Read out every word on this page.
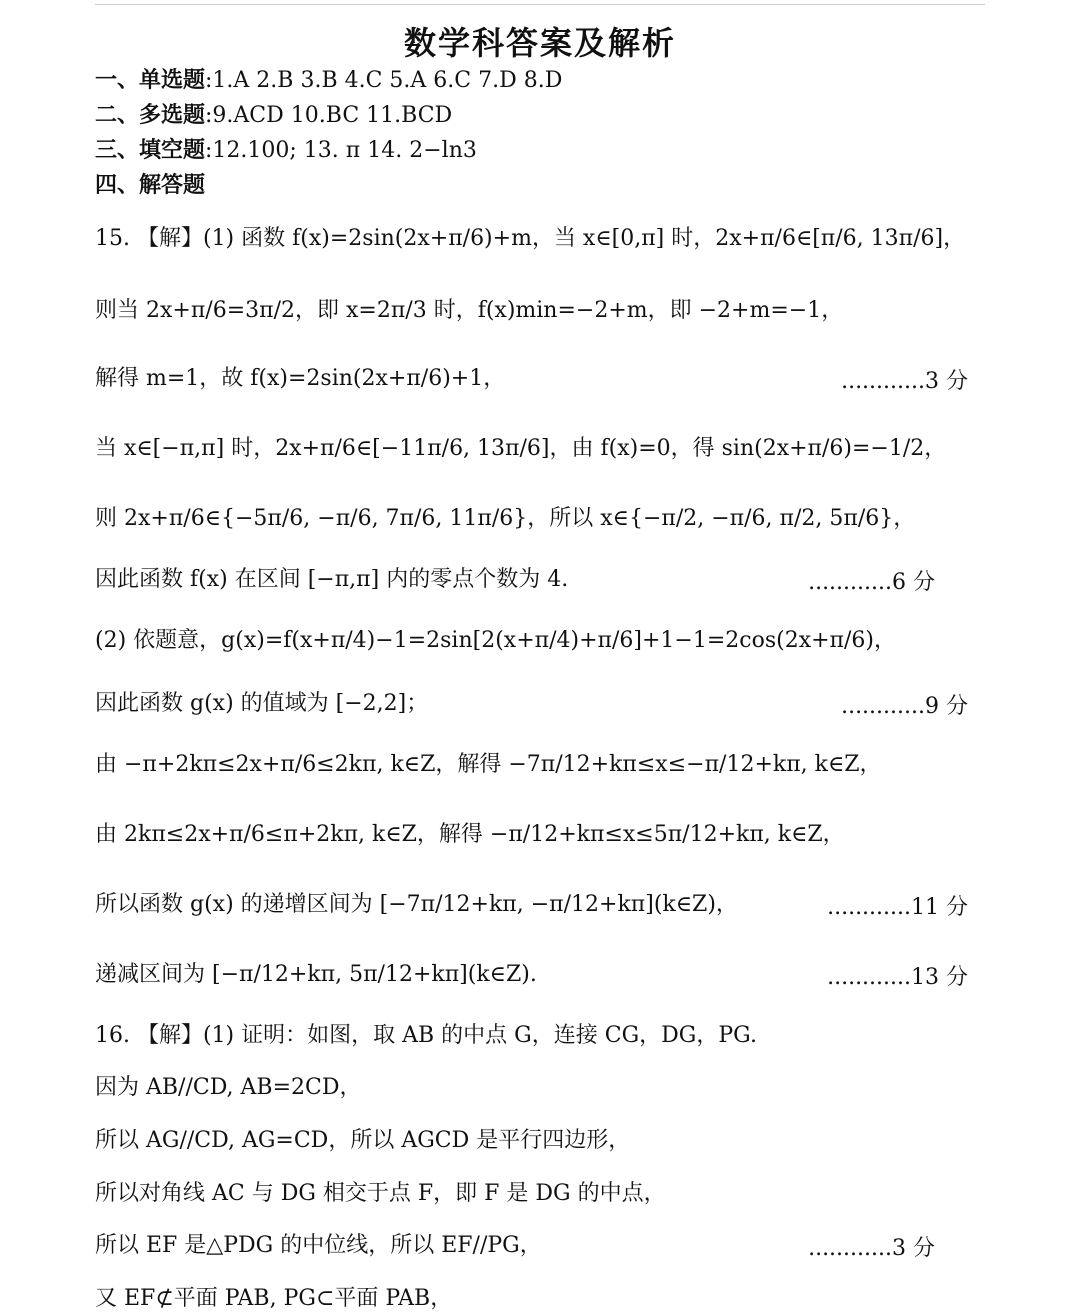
数学科答案及解析
一、单选题:1.A 2.B 3.B 4.C 5.A 6.C 7.D 8.D
二、多选题:9.ACD 10.BC 11.BCD
三、填空题:12.100; 13. π 14. 2−ln3
四、解答题
15. 【解】(1) 函数 f(x)=2sin(2x+π/6)+m，当 x∈[0,π] 时，2x+π/6∈[π/6, 13π/6]，
则当 2x+π/6=3π/2，即 x=2π/3 时，f(x)min=−2+m，即 −2+m=−1，
解得 m=1，故 f(x)=2sin(2x+π/6)+1，	............3 分
当 x∈[−π,π] 时，2x+π/6∈[−11π/6, 13π/6]，由 f(x)=0，得 sin(2x+π/6)=−1/2，
则 2x+π/6∈{−5π/6, −π/6, 7π/6, 11π/6}，所以 x∈{−π/2, −π/6, π/2, 5π/6}，
因此函数 f(x) 在区间 [−π,π] 内的零点个数为 4.	............6 分
(2) 依题意，g(x)=f(x+π/4)−1=2sin[2(x+π/4)+π/6]+1−1=2cos(2x+π/6)，
因此函数 g(x) 的值域为 [−2,2]；	............9 分
由 −π+2kπ≤2x+π/6≤2kπ, k∈Z，解得 −7π/12+kπ≤x≤−π/12+kπ, k∈Z，
由 2kπ≤2x+π/6≤π+2kπ, k∈Z，解得 −π/12+kπ≤x≤5π/12+kπ, k∈Z，
所以函数 g(x) 的递增区间为 [−7π/12+kπ, −π/12+kπ](k∈Z)，	............11 分
递减区间为 [−π/12+kπ, 5π/12+kπ](k∈Z).	............13 分
16. 【解】(1) 证明：如图，取 AB 的中点 G，连接 CG，DG，PG.
因为 AB//CD, AB=2CD，
所以 AG//CD, AG=CD，所以 AGCD 是平行四边形，
所以对角线 AC 与 DG 相交于点 F，即 F 是 DG 的中点，
所以 EF 是△PDG 的中位线，所以 EF//PG，	............3 分
又 EF⊄平面 PAB, PG⊂平面 PAB，
